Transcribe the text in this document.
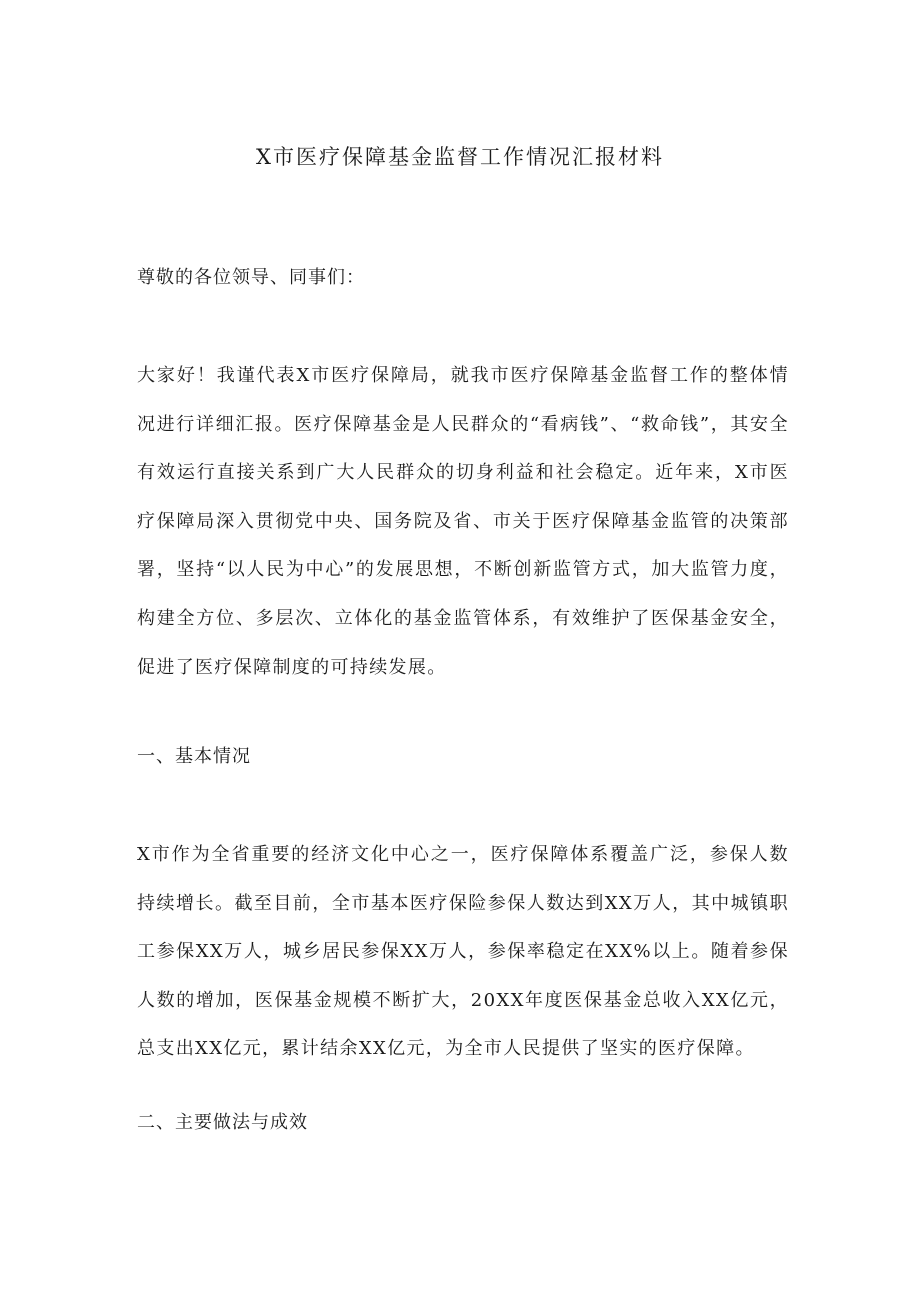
X市医疗保障基金监督工作情况汇报材料

尊敬的各位领导、同事们：

大家好！我谨代表X市医疗保障局，就我市医疗保障基金监督工作的整体情况进行详细汇报。医疗保障基金是人民群众的“看病钱”、“救命钱”，其安全有效运行直接关系到广大人民群众的切身利益和社会稳定。近年来，X市医疗保障局深入贯彻党中央、国务院及省、市关于医疗保障基金监管的决策部署，坚持“以人民为中心”的发展思想，不断创新监管方式，加大监管力度，构建全方位、多层次、立体化的基金监管体系，有效维护了医保基金安全，促进了医疗保障制度的可持续发展。

一、基本情况

X市作为全省重要的经济文化中心之一，医疗保障体系覆盖广泛，参保人数持续增长。截至目前，全市基本医疗保险参保人数达到XX万人，其中城镇职工参保XX万人，城乡居民参保XX万人，参保率稳定在XX%以上。随着参保人数的增加，医保基金规模不断扩大，20XX年度医保基金总收入XX亿元，总支出XX亿元，累计结余XX亿元，为全市人民提供了坚实的医疗保障。

二、主要做法与成效
